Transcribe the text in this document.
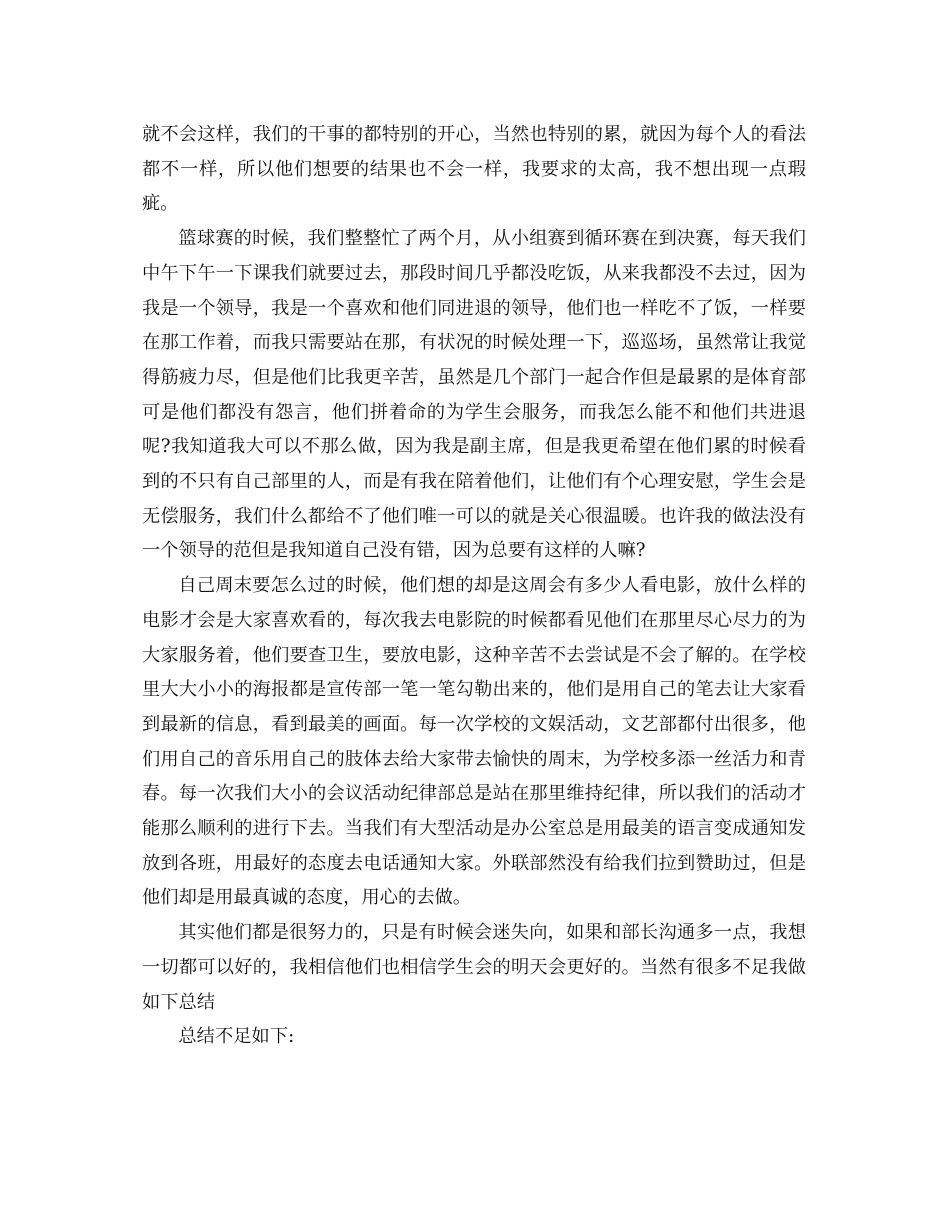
就不会这样，我们的干事的都特别的开心，当然也特别的累，就因为每个人的看法都不一样，所以他们想要的结果也不会一样，我要求的太高，我不想出现一点瑕疵。

篮球赛的时候，我们整整忙了两个月，从小组赛到循环赛在到决赛，每天我们中午下午一下课我们就要过去，那段时间几乎都没吃饭，从来我都没不去过，因为我是一个领导，我是一个喜欢和他们同进退的领导，他们也一样吃不了饭，一样要在那工作着，而我只需要站在那，有状况的时候处理一下，巡巡场，虽然常让我觉得筋疲力尽，但是他们比我更辛苦，虽然是几个部门一起合作但是最累的是体育部可是他们都没有怨言，他们拼着命的为学生会服务，而我怎么能不和他们共进退呢?我知道我大可以不那么做，因为我是副主席，但是我更希望在他们累的时候看到的不只有自己部里的人，而是有我在陪着他们，让他们有个心理安慰，学生会是无偿服务，我们什么都给不了他们唯一可以的就是关心很温暖。也许我的做法没有一个领导的范但是我知道自己没有错，因为总要有这样的人嘛?

自己周末要怎么过的时候，他们想的却是这周会有多少人看电影，放什么样的电影才会是大家喜欢看的，每次我去电影院的时候都看见他们在那里尽心尽力的为大家服务着，他们要查卫生，要放电影，这种辛苦不去尝试是不会了解的。在学校里大大小小的海报都是宣传部一笔一笔勾勒出来的，他们是用自己的笔去让大家看到最新的信息，看到最美的画面。每一次学校的文娱活动，文艺部都付出很多，他们用自己的音乐用自己的肢体去给大家带去愉快的周末，为学校多添一丝活力和青春。每一次我们大小的会议活动纪律部总是站在那里维持纪律，所以我们的活动才能那么顺利的进行下去。当我们有大型活动是办公室总是用最美的语言变成通知发放到各班，用最好的态度去电话通知大家。外联部然没有给我们拉到赞助过，但是他们却是用最真诚的态度，用心的去做。

其实他们都是很努力的，只是有时候会迷失向，如果和部长沟通多一点，我想一切都可以好的，我相信他们也相信学生会的明天会更好的。当然有很多不足我做如下总结

总结不足如下:
